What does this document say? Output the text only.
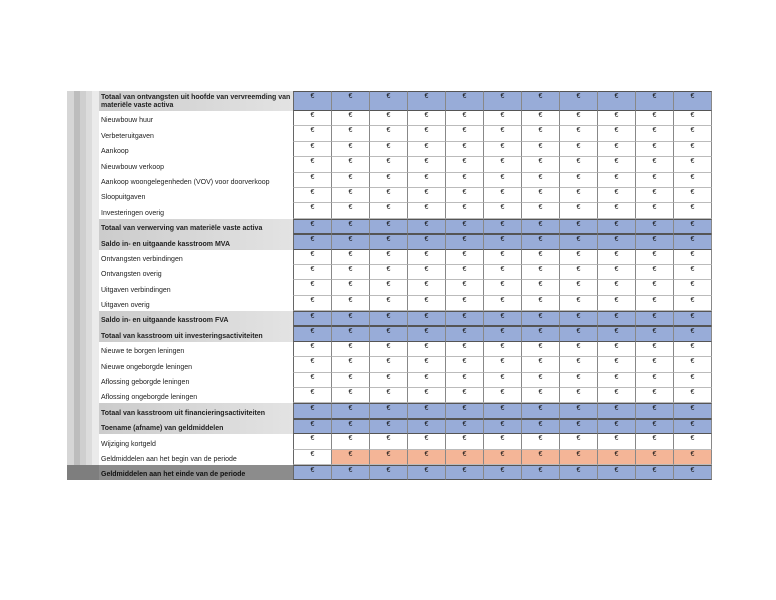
Totaal van ontvangsten uit hoofde van vervreemding van materiële vaste activa
€	€	€	€	€	€	€	€	€	€	€
Nieuwbouw huur
€	€	€	€	€	€	€	€	€	€	€
Verbeteruitgaven
€	€	€	€	€	€	€	€	€	€	€
Aankoop
€	€	€	€	€	€	€	€	€	€	€
Nieuwbouw verkoop
€	€	€	€	€	€	€	€	€	€	€
Aankoop woongelegenheden (VOV) voor doorverkoop
€	€	€	€	€	€	€	€	€	€	€
Sloopuitgaven
€	€	€	€	€	€	€	€	€	€	€
Investeringen overig
€	€	€	€	€	€	€	€	€	€	€
Totaal van verwerving van materiële vaste activa
€	€	€	€	€	€	€	€	€	€	€
Saldo in- en uitgaande kasstroom MVA
€	€	€	€	€	€	€	€	€	€	€
Ontvangsten verbindingen
€	€	€	€	€	€	€	€	€	€	€
Ontvangsten overig
€	€	€	€	€	€	€	€	€	€	€
Uitgaven verbindingen
€	€	€	€	€	€	€	€	€	€	€
Uitgaven overig
€	€	€	€	€	€	€	€	€	€	€
Saldo in- en uitgaande kasstroom FVA
€	€	€	€	€	€	€	€	€	€	€
Totaal van kasstroom uit investeringsactiviteiten
€	€	€	€	€	€	€	€	€	€	€
Nieuwe te borgen leningen
€	€	€	€	€	€	€	€	€	€	€
Nieuwe ongeborgde leningen
€	€	€	€	€	€	€	€	€	€	€
Aflossing geborgde leningen
€	€	€	€	€	€	€	€	€	€	€
Aflossing ongeborgde leningen
€	€	€	€	€	€	€	€	€	€	€
Totaal van kasstroom uit financieringsactiviteiten
€	€	€	€	€	€	€	€	€	€	€
Toename (afname) van geldmiddelen
€	€	€	€	€	€	€	€	€	€	€
Wijziging kortgeld
€	€	€	€	€	€	€	€	€	€	€
Geldmiddelen aan het begin van de periode
€	€	€	€	€	€	€	€	€	€	€
Geldmiddelen aan het einde van de periode
€	€	€	€	€	€	€	€	€	€	€
